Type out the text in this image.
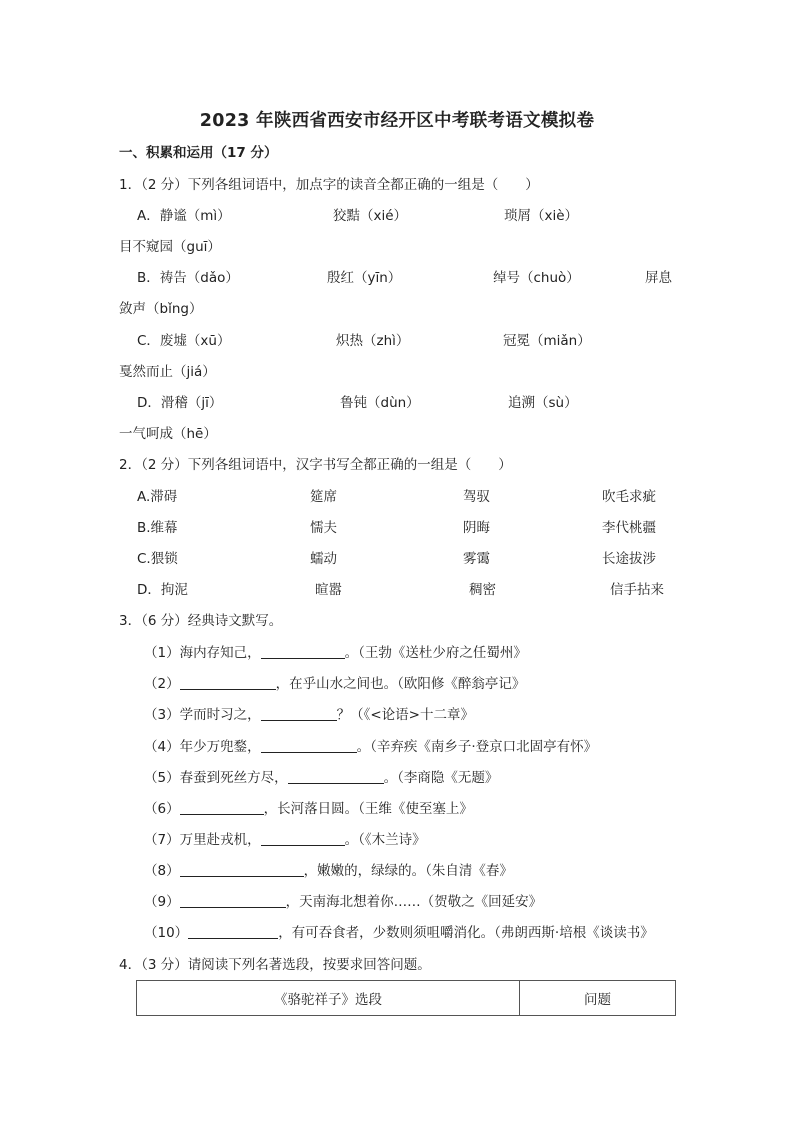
2023 年陕西省西安市经开区中考联考语文模拟卷
一、积累和运用（17 分）
1．（2 分）下列各组词语中，加点字的读音全都正确的一组是（　　）
A．静谧（mì）	狡黠（xié）	琐屑（xiè）
目不窥园（guī）
B．祷告（dǎo）	殷红（yīn）	绰号（chuò）	屏息
敛声（bǐng）
C．废墟（xū）	炽热（zhì）	冠冕（miǎn）
戛然而止（jiá）
D．滑稽（jī）	鲁钝（dùn）	追溯（sù）
一气呵成（hē）
2．（2 分）下列各组词语中，汉字书写全都正确的一组是（　　）
A.滞碍	筵席	驾驭	吹毛求疵
B.维幕	懦夫	阴晦	李代桃疆
C.猥锁	蠕动	雾霭	长途拔涉
D．拘泥	暄嚣	稠密	信手拈来
3．（6 分）经典诗文默写。
（1）海内存知己，	。（王勃《送杜少府之任蜀州》
（2）	，在乎山水之间也。（欧阳修《醉翁亭记》
（3）学而时习之，	？（《<论语>十二章》
（4）年少万兜鍪，	。（辛弃疾《南乡子·登京口北固亭有怀》
（5）春蚕到死丝方尽，	。（李商隐《无题》
（6）	，长河落日圆。（王维《使至塞上》
（7）万里赴戎机，	。（《木兰诗》
（8）	，嫩嫩的，绿绿的。（朱自清《春》
（9）	，天南海北想着你……（贺敬之《回延安》
（10）	，有可吞食者，少数则须咀嚼消化。（弗朗西斯·培根《谈读书》
4．（3 分）请阅读下列名著选段，按要求回答问题。
《骆驼祥子》选段	问题
